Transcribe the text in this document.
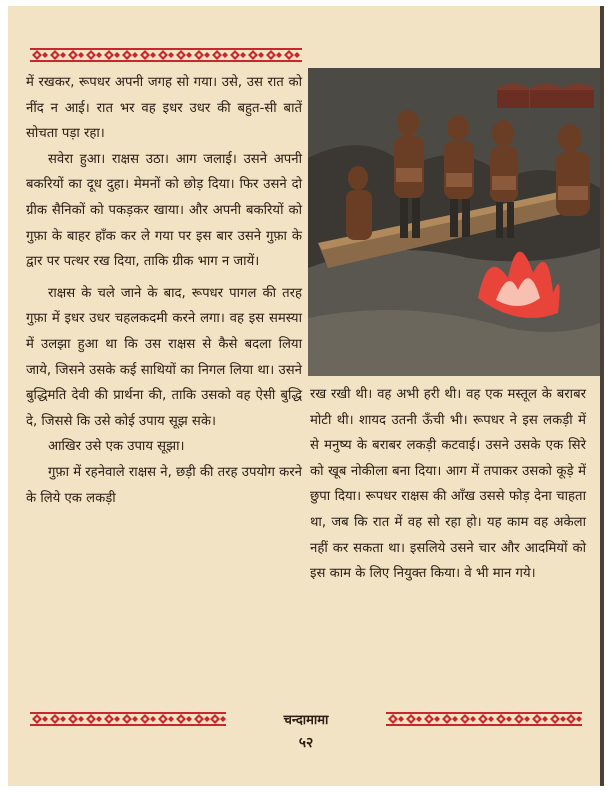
में रखकर, रूपधर अपनी जगह सो गया। उसे, उस रात को नींद न आई। रात भर वह इधर उधर की बहुत-सी बातें सोचता पड़ा रहा।

सवेरा हुआ। राक्षस उठा। आग जलाई। उसने अपनी बकरियों का दूध दुहा। मेमनों को छोड़ दिया। फिर उसने दो ग्रीक सैनिकों को पकड़कर खाया। और अपनी बकरियों को गुफ़ा के बाहर हाँक कर ले गया पर इस बार उसने गुफ़ा के द्वार पर पत्थर रख दिया, ताकि ग्रीक भाग न जायें।

राक्षस के चले जाने के बाद, रूपधर पागल की तरह गुफ़ा में इधर उधर चहलकदमी करने लगा। वह इस समस्या में उलझा हुआ था कि उस राक्षस से कैसे बदला लिया जाये, जिसने उसके कई साथियों का निगल लिया था। उसने बुद्धिमति देवी की प्रार्थना की, ताकि उसको वह ऐसी बुद्धि दे, जिससे कि उसे कोई उपाय सूझ सके।

आखिर उसे एक उपाय सूझा।

गुफ़ा में रहनेवाले राक्षस ने, छड़ी की तरह उपयोग करने के लिये एक लकड़ी

रख रखी थी। वह अभी हरी थी। वह एक मस्तूल के बराबर मोटी थी। शायद उतनी ऊँची भी। रूपधर ने इस लकड़ी में से मनुष्य के बराबर लकड़ी कटवाई। उसने उसके एक सिरे को खूब नोकीला बना दिया। आग में तपाकर उसको कूड़े में छुपा दिया। रूपधर राक्षस की आँख उससे फोड़ देना चाहता था, जब कि रात में वह सो रहा हो। यह काम वह अकेला नहीं कर सकता था। इसलिये उसने चार और आदमियों को इस काम के लिए नियुक्त किया। वे भी मान गये।

चन्दामामा
५२
